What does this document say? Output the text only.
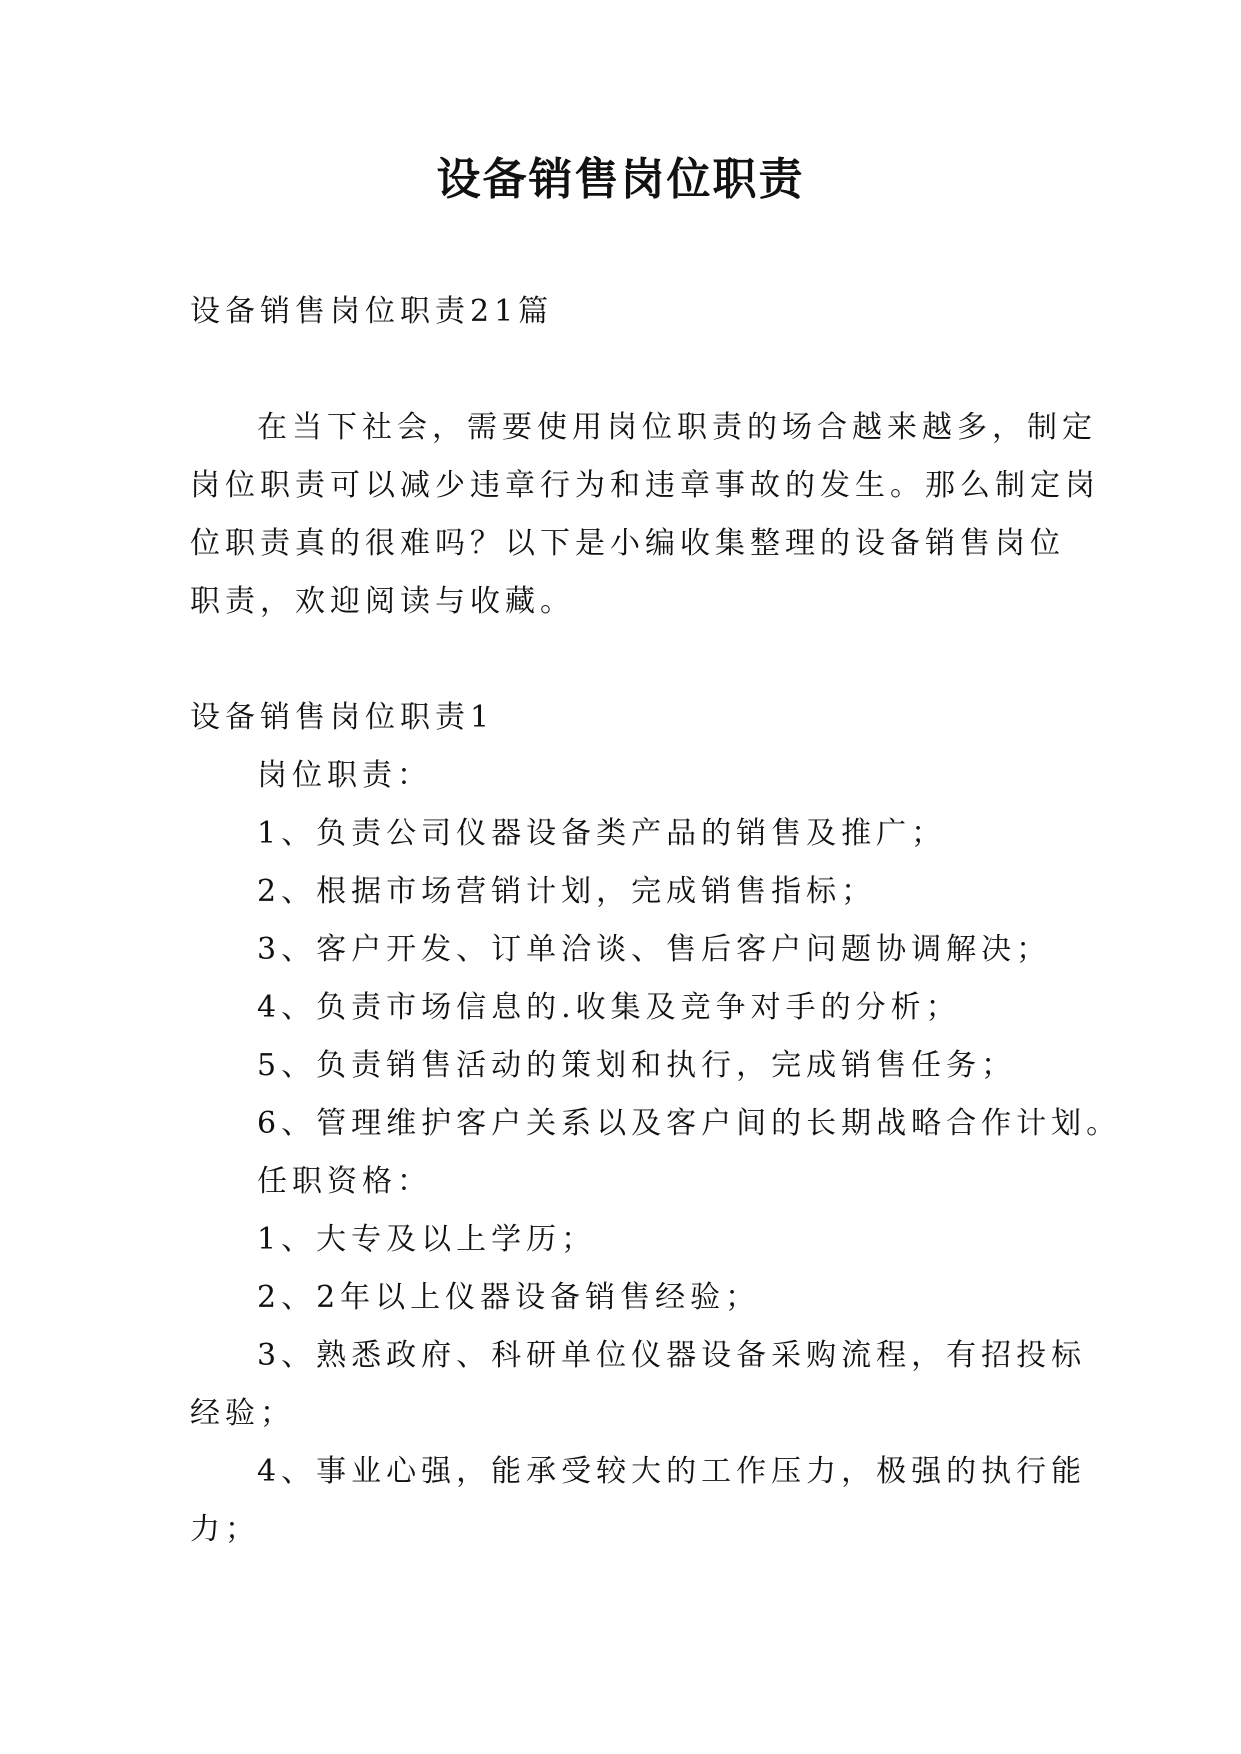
设备销售岗位职责
设备销售岗位职责21篇
在当下社会，需要使用岗位职责的场合越来越多，制定
岗位职责可以减少违章行为和违章事故的发生。那么制定岗
位职责真的很难吗？以下是小编收集整理的设备销售岗位
职责，欢迎阅读与收藏。
设备销售岗位职责1
岗位职责：
1、负责公司仪器设备类产品的销售及推广；
2、根据市场营销计划，完成销售指标；
3、客户开发、订单洽谈、售后客户问题协调解决；
4、负责市场信息的.收集及竞争对手的分析；
5、负责销售活动的策划和执行，完成销售任务；
6、管理维护客户关系以及客户间的长期战略合作计划。
任职资格：
1、大专及以上学历；
2、2年以上仪器设备销售经验；
3、熟悉政府、科研单位仪器设备采购流程，有招投标
经验；
4、事业心强，能承受较大的工作压力，极强的执行能
力；
